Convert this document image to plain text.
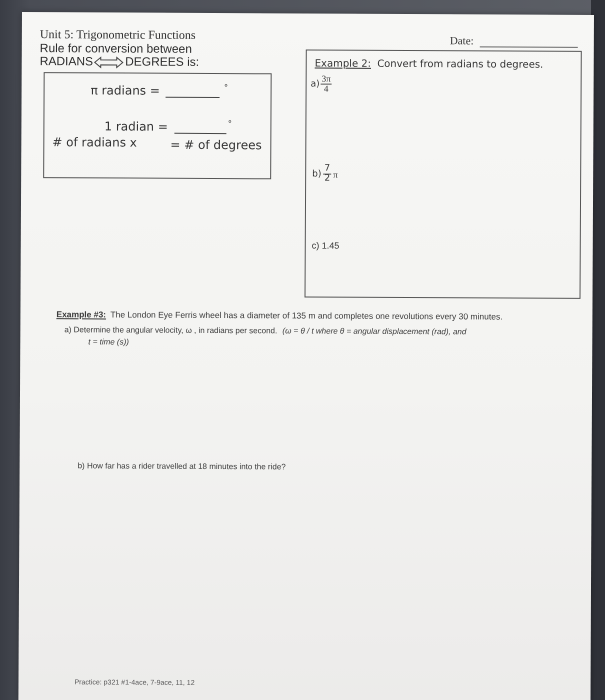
Unit 5: Trigonometric Functions
Rule for conversion between
RADIANS	DEGREES is:
Date:
π radians =	°
1 radian =	°
# of radians x	= # of degrees
Example 2: Convert from radians to degrees.
$a) \frac{3\pi}{4}$
$b) \frac{7}{2}$ π
c) 1.45
Example #3: The London Eye Ferris wheel has a diameter of 135 m and completes one revolutions every 30 minutes.
a) Determine the angular velocity, ω , in radians per second. (ω = θ / t where θ = angular displacement (rad), and
t = time (s))
b) How far has a rider travelled at 18 minutes into the ride?
Practice: p321 #1-4ace, 7-9ace, 11, 12
